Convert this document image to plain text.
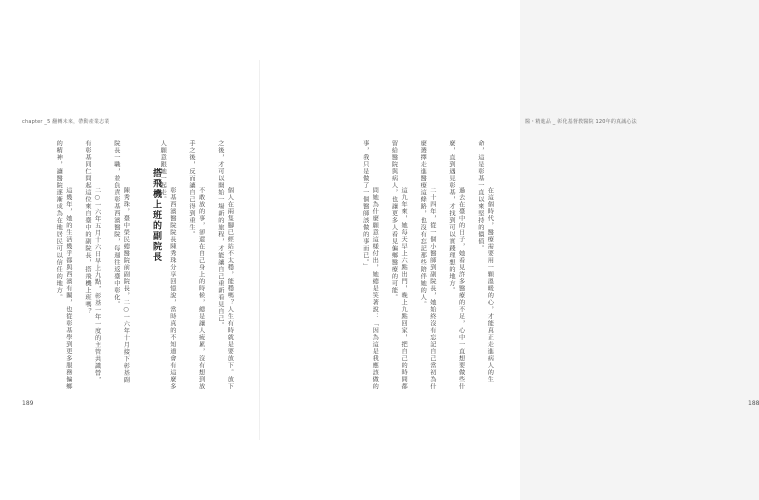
chapter _5 翻轉未來，帶動產業志業

個人在兩隻腳已經站不太穩，能穩嗎？人生有時就是要放下。放下之後，才可以開始一場新的旅程，才能讓自己重新看見自己。

不敢放的事，卻還在自己身上的時候，總是讓人疲累，沒有想到放手之後，反而讓自己得到重生。

彰基西濱醫院院長陳秀珠分享回憶說，當時真的不知道會有這麼多人願意跟她一起走。

搭飛機上班的副院長

陳秀珠，臺中榮民總醫院前副院長，二○一六年十月接下彰基副院長一職，並負責彰基西濱醫院，每週往返臺中彰化。

二○一六年五月十六日早上九點，彰基一年一度的主管共識營，有彰基同仁問起這位來自臺中的副院長，搭飛機上班嗎？

這幾年，她的生活幾乎都與西濱有關，也從彰基學到更多服務偏鄉的精神，讓醫院逐漸成為在地居民可以信任的地方。

189
醫・精進品 _ 彰化基督教醫院 120年的真誠心法

在這個時代，醫療需要用一顆溫暖的心，才能真正走進病人的生命，這是彰基一直以來堅持的價值。

過去在臺中的日子，她看見許多醫療的不足，心中一直想要做些什麼，直到遇見彰基，才找到可以實踐理想的地方。

二十四年，從一個小醫師到副院長，她始終沒有忘記自己當初為什麼選擇走進醫療這條路，也沒有忘記那些陪伴她的人。

這九年來，她每天早上六點出門，晚上九點回家，把自己的時間都留給醫院與病人，也讓更多人看見偏鄉醫療的可能。

問她為什麼願意這樣付出，她總是笑著說：「因為這是我應該做的事，我只是做了一個醫師該做的事而已。」

188
